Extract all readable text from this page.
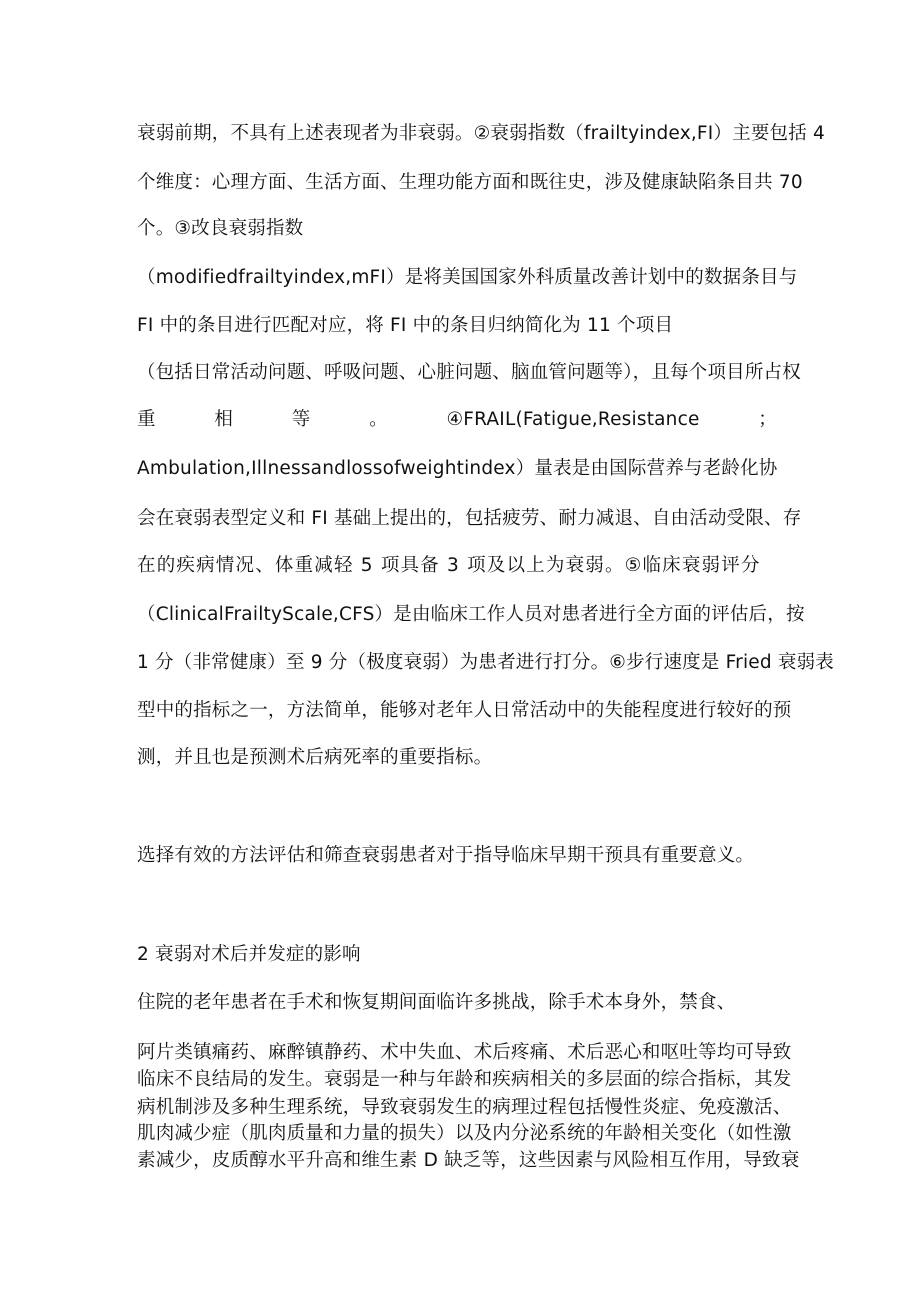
衰弱前期，不具有上述表现者为非衰弱。②衰弱指数（frailtyindex,FI）主要包括 4
个维度：心理方面、生活方面、生理功能方面和既往史，涉及健康缺陷条目共 70
个。③改良衰弱指数
（modifiedfrailtyindex,mFI）是将美国国家外科质量改善计划中的数据条目与
FI 中的条目进行匹配对应，将 FI 中的条目归纳简化为 11 个项目
（包括日常活动问题、呼吸问题、心脏问题、脑血管问题等），且每个项目所占权
重	相	等	。	④FRAIL(Fatigue,Resistance	；
Ambulation,Illnessandlossofweightindex）量表是由国际营养与老龄化协
会在衰弱表型定义和 FI 基础上提出的，包括疲劳、耐力减退、自由活动受限、存
在的疾病情况、体重减轻 5 项具备 3 项及以上为衰弱。⑤临床衰弱评分
（ClinicalFrailtyScale,CFS）是由临床工作人员对患者进行全方面的评估后，按
1 分（非常健康）至 9 分（极度衰弱）为患者进行打分。⑥步行速度是 Fried 衰弱表
型中的指标之一，方法简单，能够对老年人日常活动中的失能程度进行较好的预
测，并且也是预测术后病死率的重要指标。
选择有效的方法评估和筛查衰弱患者对于指导临床早期干预具有重要意义。
2 衰弱对术后并发症的影响
住院的老年患者在手术和恢复期间面临许多挑战，除手术本身外，禁食、
阿片类镇痛药、麻醉镇静药、术中失血、术后疼痛、术后恶心和呕吐等均可导致
临床不良结局的发生。衰弱是一种与年龄和疾病相关的多层面的综合指标，其发
病机制涉及多种生理系统，导致衰弱发生的病理过程包括慢性炎症、免疫激活、
肌肉减少症（肌肉质量和力量的损失）以及内分泌系统的年龄相关变化（如性激
素减少，皮质醇水平升高和维生素 D 缺乏等，这些因素与风险相互作用，导致衰
